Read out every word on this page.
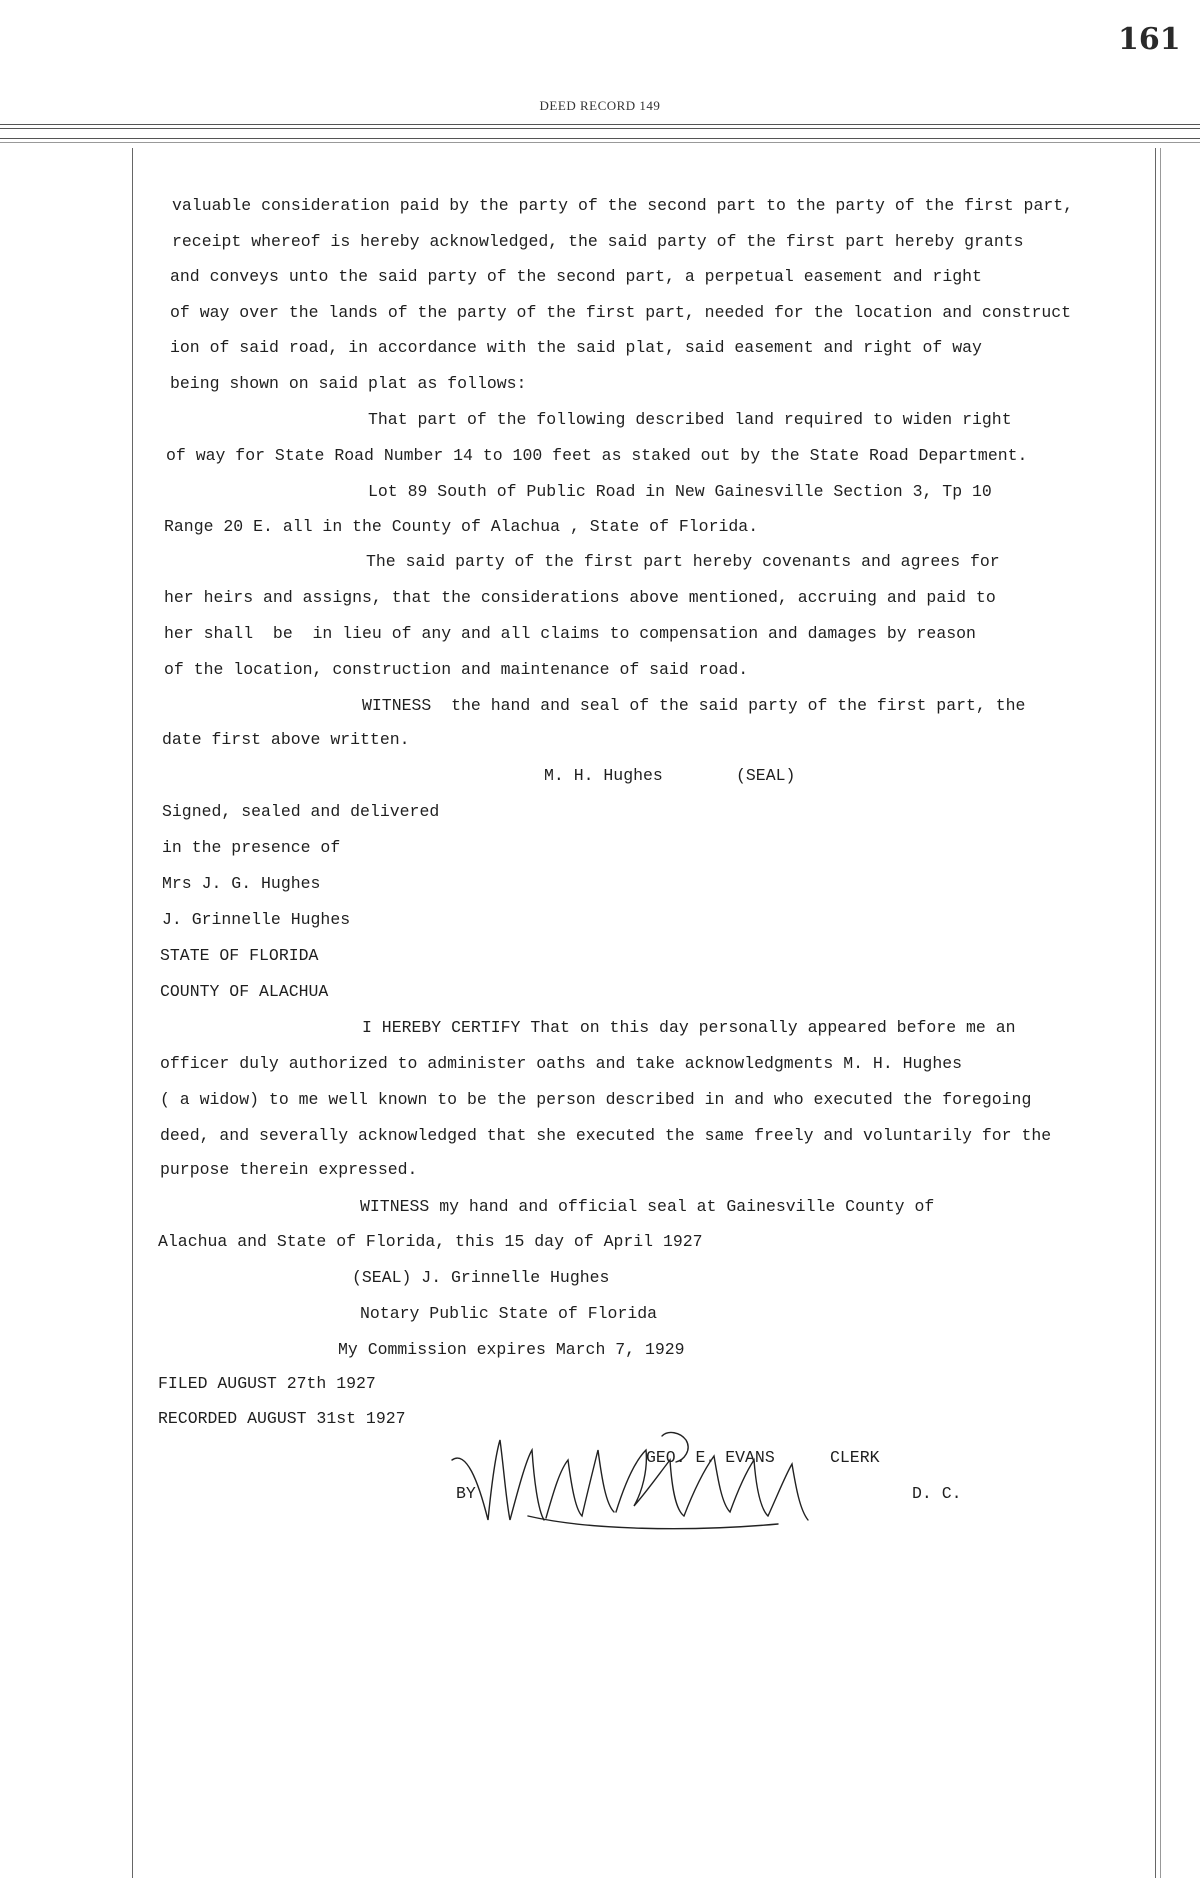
161
DEED RECORD 149
valuable consideration paid by the party of the second part to the party of the first part,
receipt whereof is hereby acknowledged, the said party of the first part hereby grants
and conveys unto the said party of the second part, a perpetual easement and right
of way over the lands of the party of the first part, needed for the location and construct
ion of said road, in accordance with the said plat, said easement and right of way
being shown on said plat as follows:
That part of the following described land required to widen right
of way for State Road Number 14 to 100 feet as staked out by the State Road Department.
Lot 89 South of Public Road in New Gainesville Section 3, Tp 10
Range 20 E. all in the County of Alachua , State of Florida.
The said party of the first part hereby covenants and agrees for
her heirs and assigns, that the considerations above mentioned, accruing and paid to
her shall  be  in lieu of any and all claims to compensation and damages by reason
of the location, construction and maintenance of said road.
WITNESS  the hand and seal of the said party of the first part, the
date first above written.
M. H. Hughes	(SEAL)
Signed, sealed and delivered
in the presence of
Mrs J. G. Hughes
J. Grinnelle Hughes
STATE OF FLORIDA
COUNTY OF ALACHUA
I HEREBY CERTIFY That on this day personally appeared before me an
officer duly authorized to administer oaths and take acknowledgments M. H. Hughes
( a widow) to me well known to be the person described in and who executed the foregoing
deed, and severally acknowledged that she executed the same freely and voluntarily for the
purpose therein expressed.
WITNESS my hand and official seal at Gainesville County of
Alachua and State of Florida, this 15 day of April 1927
(SEAL) J. Grinnelle Hughes
Notary Public State of Florida
My Commission expires March 7, 1929
FILED AUGUST 27th 1927
RECORDED AUGUST 31st 1927
GEO. E. EVANS	CLERK
BY	D. C.
